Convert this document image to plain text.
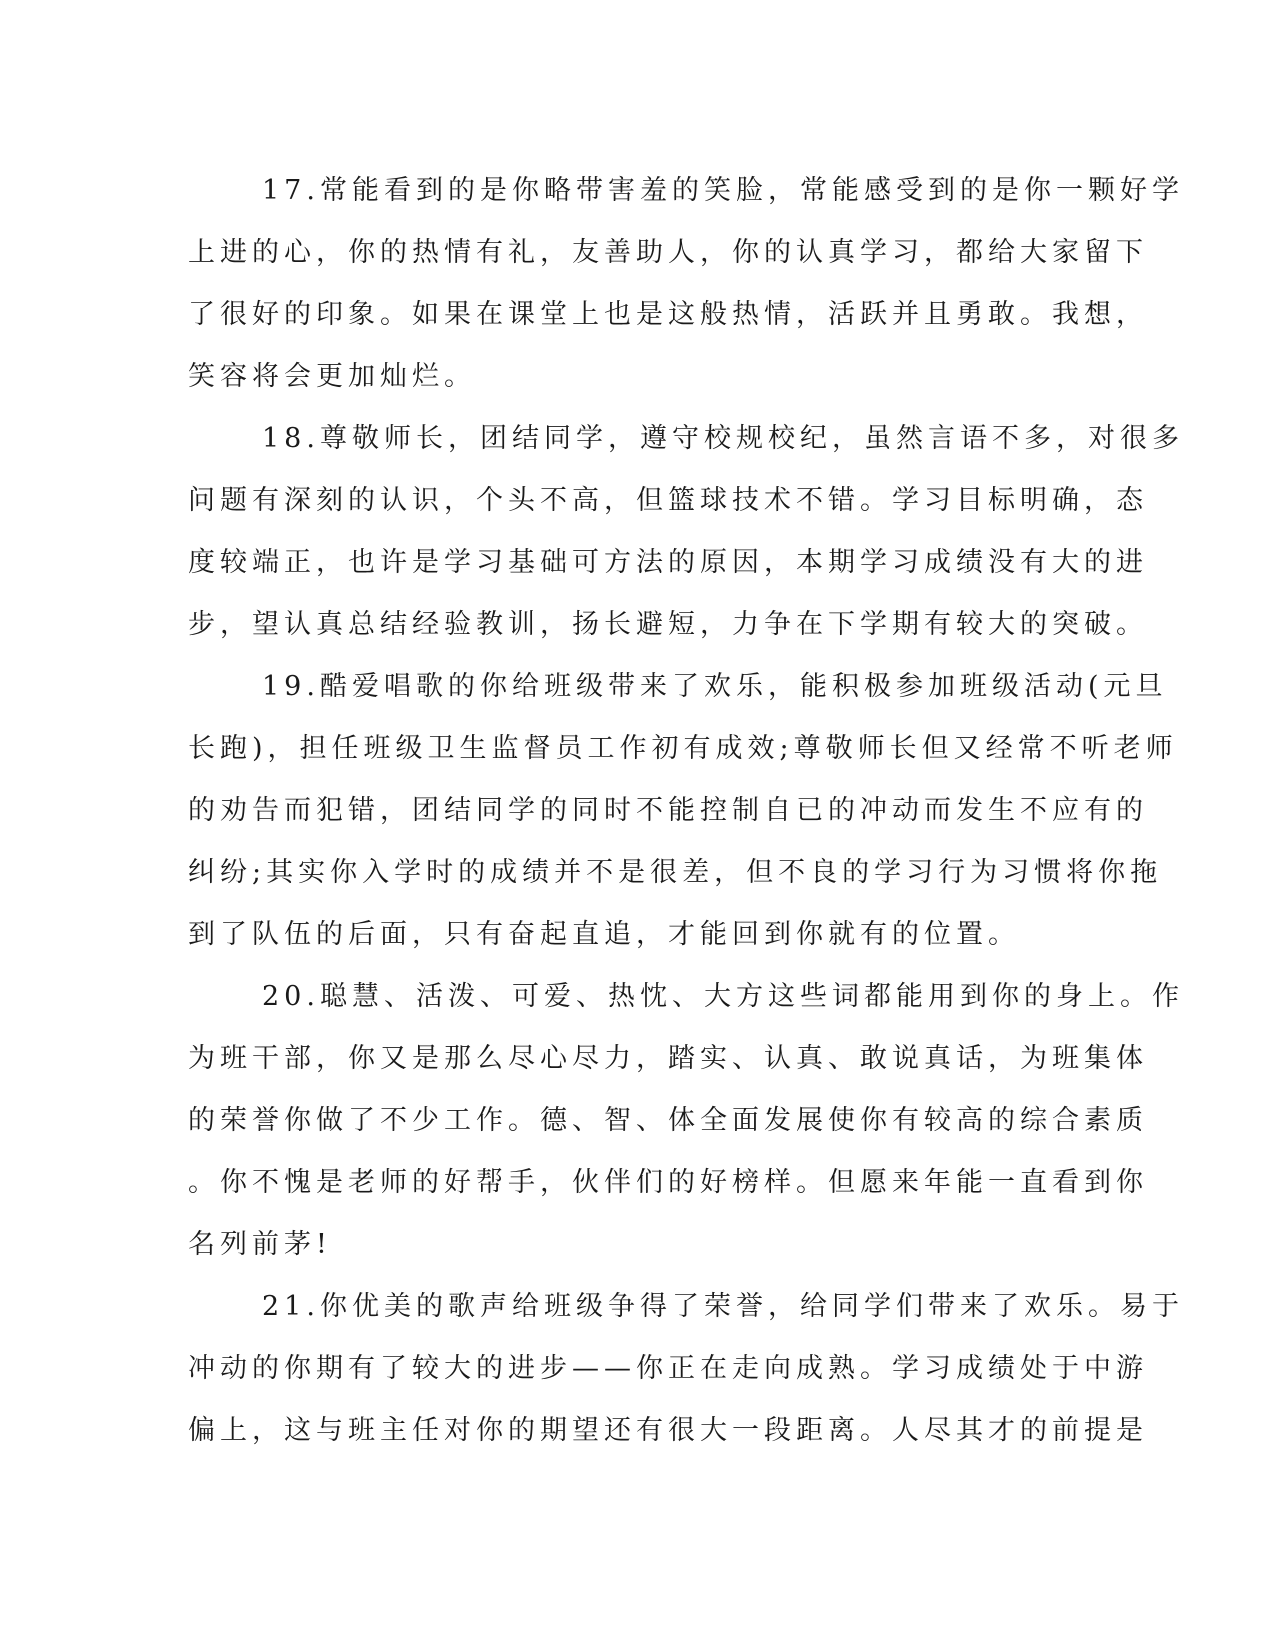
17.常能看到的是你略带害羞的笑脸，常能感受到的是你一颗好学
上进的心，你的热情有礼，友善助人，你的认真学习，都给大家留下
了很好的印象。如果在课堂上也是这般热情，活跃并且勇敢。我想，
笑容将会更加灿烂。
18.尊敬师长，团结同学，遵守校规校纪，虽然言语不多，对很多
问题有深刻的认识，个头不高，但篮球技术不错。学习目标明确，态
度较端正，也许是学习基础可方法的原因，本期学习成绩没有大的进
步，望认真总结经验教训，扬长避短，力争在下学期有较大的突破。
19.酷爱唱歌的你给班级带来了欢乐，能积极参加班级活动(元旦
长跑)，担任班级卫生监督员工作初有成效;尊敬师长但又经常不听老师
的劝告而犯错，团结同学的同时不能控制自已的冲动而发生不应有的
纠纷;其实你入学时的成绩并不是很差，但不良的学习行为习惯将你拖
到了队伍的后面，只有奋起直追，才能回到你就有的位置。
20.聪慧、活泼、可爱、热忱、大方这些词都能用到你的身上。作
为班干部，你又是那么尽心尽力，踏实、认真、敢说真话，为班集体
的荣誉你做了不少工作。德、智、体全面发展使你有较高的综合素质
。你不愧是老师的好帮手，伙伴们的好榜样。但愿来年能一直看到你
名列前茅!
21.你优美的歌声给班级争得了荣誉，给同学们带来了欢乐。易于
冲动的你期有了较大的进步——你正在走向成熟。学习成绩处于中游
偏上，这与班主任对你的期望还有很大一段距离。人尽其才的前提是
